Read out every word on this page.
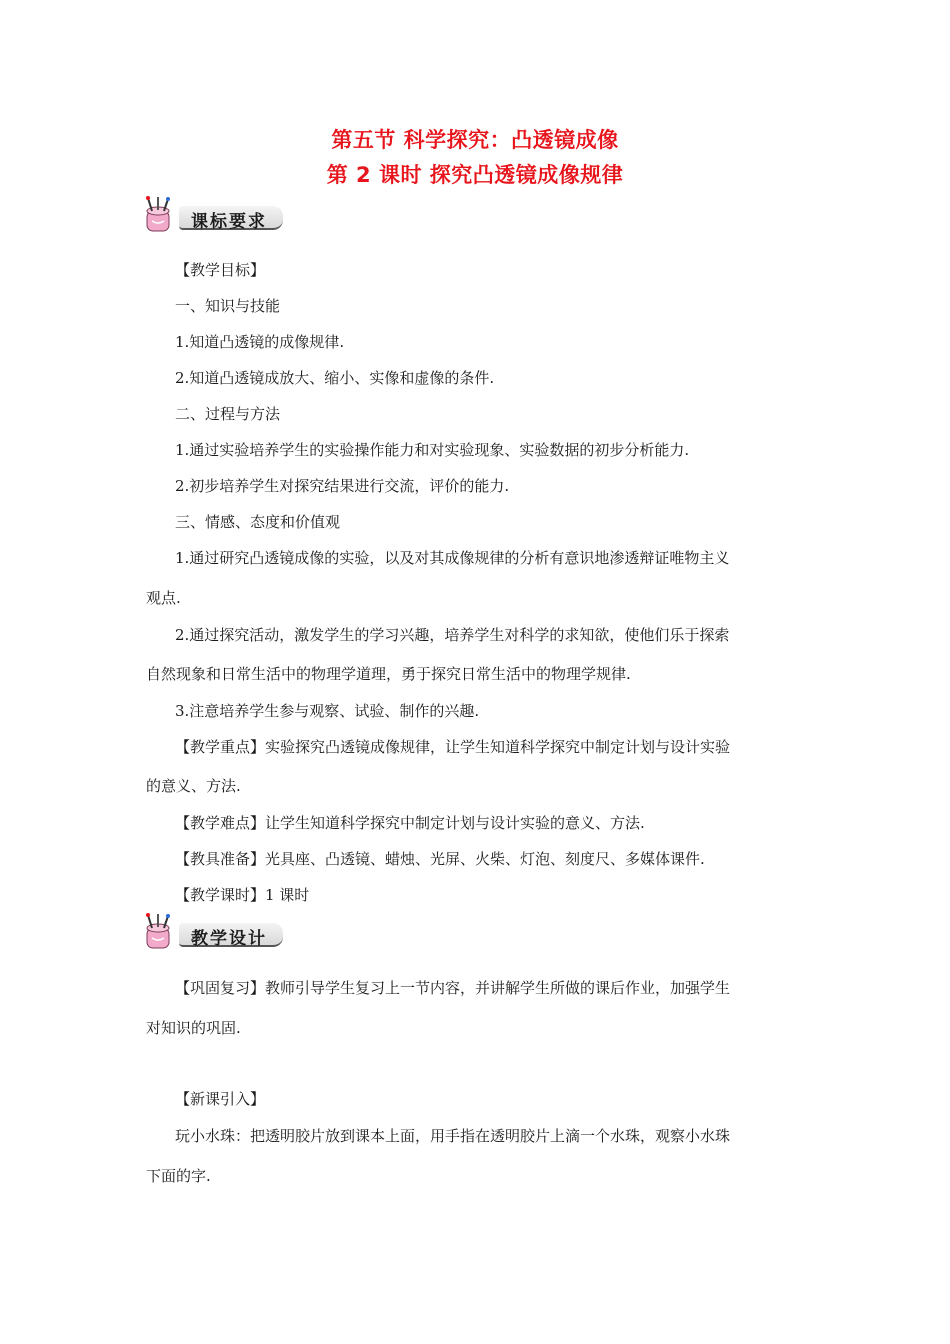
第五节 科学探究：凸透镜成像
第 2 课时 探究凸透镜成像规律
课标要求
【教学目标】
一、知识与技能
1.知道凸透镜的成像规律.
2.知道凸透镜成放大、缩小、实像和虚像的条件.
二、过程与方法
1.通过实验培养学生的实验操作能力和对实验现象、实验数据的初步分析能力.
2.初步培养学生对探究结果进行交流，评价的能力.
三、情感、态度和价值观
1.通过研究凸透镜成像的实验，以及对其成像规律的分析有意识地渗透辩证唯物主义
观点.
2.通过探究活动，激发学生的学习兴趣，培养学生对科学的求知欲，使他们乐于探索
自然现象和日常生活中的物理学道理，勇于探究日常生活中的物理学规律.
3.注意培养学生参与观察、试验、制作的兴趣.
【教学重点】实验探究凸透镜成像规律，让学生知道科学探究中制定计划与设计实验
的意义、方法.
【教学难点】让学生知道科学探究中制定计划与设计实验的意义、方法.
【教具准备】光具座、凸透镜、蜡烛、光屏、火柴、灯泡、刻度尺、多媒体课件.
【教学课时】1 课时
教学设计
【巩固复习】教师引导学生复习上一节内容，并讲解学生所做的课后作业，加强学生
对知识的巩固.
【新课引入】
玩小水珠：把透明胶片放到课本上面，用手指在透明胶片上滴一个水珠，观察小水珠
下面的字.
